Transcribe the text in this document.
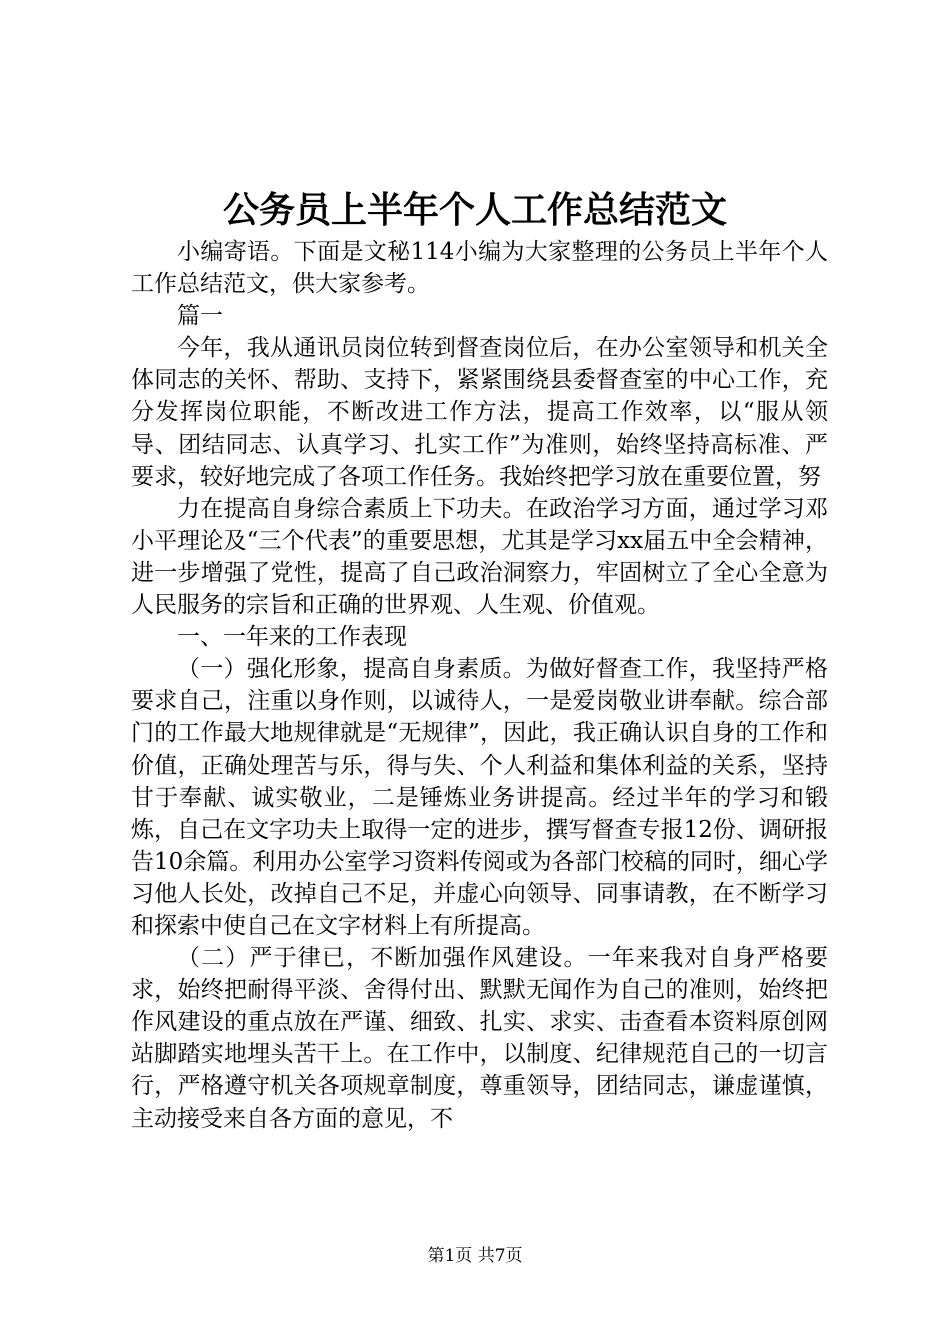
公务员上半年个人工作总结范文

小编寄语。下面是文秘114小编为大家整理的公务员上半年个人工作总结范文，供大家参考。

篇一

今年，我从通讯员岗位转到督查岗位后，在办公室领导和机关全体同志的关怀、帮助、支持下，紧紧围绕县委督查室的中心工作，充分发挥岗位职能，不断改进工作方法，提高工作效率，以“服从领导、团结同志、认真学习、扎实工作”为准则，始终坚持高标准、严要求，较好地完成了各项工作任务。我始终把学习放在重要位置，努

力在提高自身综合素质上下功夫。在政治学习方面，通过学习邓小平理论及“三个代表”的重要思想，尤其是学习xx届五中全会精神，进一步增强了党性，提高了自己政治洞察力，牢固树立了全心全意为人民服务的宗旨和正确的世界观、人生观、价值观。

一、一年来的工作表现

（一）强化形象，提高自身素质。为做好督查工作，我坚持严格要求自己，注重以身作则，以诚待人，一是爱岗敬业讲奉献。综合部门的工作最大地规律就是“无规律”，因此，我正确认识自身的工作和价值，正确处理苦与乐，得与失、个人利益和集体利益的关系，坚持甘于奉献、诚实敬业，二是锤炼业务讲提高。经过半年的学习和锻炼，自己在文字功夫上取得一定的进步，撰写督查专报12份、调研报告10余篇。利用办公室学习资料传阅或为各部门校稿的同时，细心学习他人长处，改掉自己不足，并虚心向领导、同事请教，在不断学习和探索中使自己在文字材料上有所提高。

（二）严于律已，不断加强作风建设。一年来我对自身严格要求，始终把耐得平淡、舍得付出、默默无闻作为自己的准则，始终把作风建设的重点放在严谨、细致、扎实、求实、击查看本资料原创网站脚踏实地埋头苦干上。在工作中，以制度、纪律规范自己的一切言行，严格遵守机关各项规章制度，尊重领导，团结同志，谦虚谨慎，主动接受来自各方面的意见，不

第1页 共7页
